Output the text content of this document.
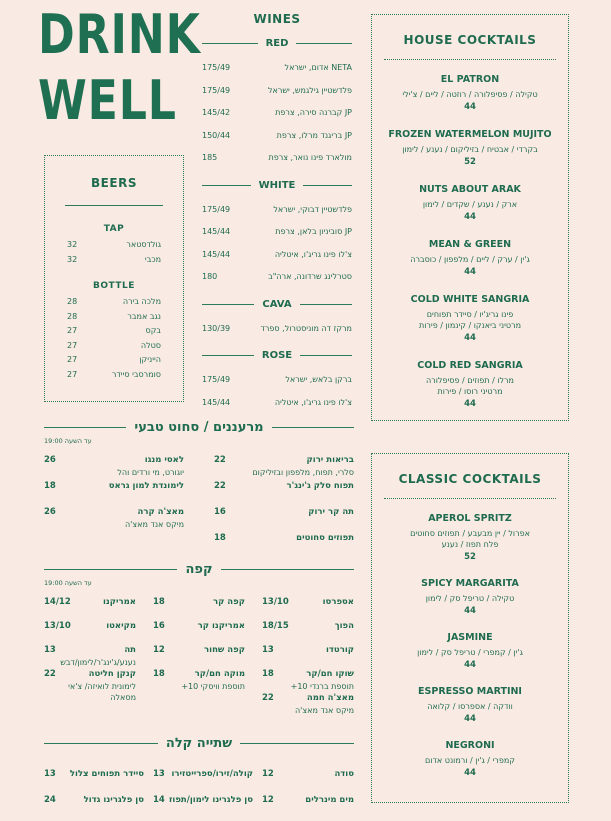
DRINK
WELL
WINES
RED
175/49	NETA אדום, ישראל
175/49	פלדשטיין גילגמש, ישראל
145/42	JP קברנה סירה, צרפת
150/44	JP בריגנד מרלו, צרפת
185	מולארד פינו נואר, צרפת
WHITE
175/49	פלדשטיין דבוקי, ישראל
145/44	JP סוביניון בלאן, צרפת
145/44	צ'לו פינו גריג'ו, איטליה
180	סטרלינג שרדונה, ארה"ב
CAVA
130/39	מרקז דה מוניסטרול, ספרד
ROSE
175/49	ברקן בלאש, ישראל
145/44	צ'לו פינו גריג'ו, איטליה
BEERS
TAP
32	גולדסטאר
32	מכבי
BOTTLE
28	מלכה בירה
28	נגב אמבר
27	בקס
27	סטלה
27	הייניקן
27	סומרסבי סיידר
HOUSE COCKTAILS
EL PATRON
טקילה / פסיפלורה / רוזטה / ליים / צ'ילי
44
FROZEN WATERMELON MUJITO
בקרדי / אבטיח / בזיליקום / נענע / לימון
52
NUTS ABOUT ARAK
ארק / נענע / שקדים / לימון
44
MEAN & GREEN
ג'ין / ערק / ליים / מלפפון / כוסברה
44
COLD WHITE SANGRIA
פינו גריג'יו / סיידר תפוחים
מרטיני ביאנקו / קינמון / פירות
44
COLD RED SANGRIA
מרלו / תפוזים / פסיפלורה
מרטיני רוסו / פירות
44
CLASSIC COCKTAILS
APEROL SPRITZ
אפרול / יין מבעבע / תפוזים סחוטים
פלח תפוז / נענע
52
SPICY MARGARITA
טקילה / טריפל סק / לימון
44
JASMINE
ג'ין / קמפרי / טריפל סק / לימון
44
ESPRESSO MARTINI
וודקה / אספרסו / קלואה
44
NEGRONI
קמפרי / ג'ין / ורמונט אדום
44
מרעננים / סחוט טבעי
עד השעה 19:00
26	לאסי מנגו
יוגורט, מי ורדים והל
18	לימונדת למון גראס
26	מאצ'ה קרה
מיקס אנד מאצ'ה
22	בריאות ירוק
סלרי, תפוח, מלפפון ובזיליקום
22	תפוח סלק ג'ינג'ר
16	תה קר ירוק
18	תפוזים סחוטים
קפה
עד השעה 19:00
14/12	אמריקנו
13/10	מקיאטו
13	תה
נענע/ג'ינג'ר/לימון/דבש
22	קנקן חליטה
לימונית לואיזה/ צ'אי מסאלה
18	קפה קר
16	אמריקנו קר
12	קפה שחור
18	מוקה חם/קר
תוספת וויסקי 10+
13/10	אספרסו
18/15	הפוך
13	קורטדו
18	שוקו חם/קר
תוספת ברנדי 10+
22	מאצ'ה חמה
מיקס אנד מאצ'ה
שתייה קלה
13 סיידר תפוחים צלול
24	סן פלגרינו גדול
13 קולה/זירו/ספרייטזירו
14 סן פלגרינו לימון/תפוז
12	סודה
12	מים מינרלים
